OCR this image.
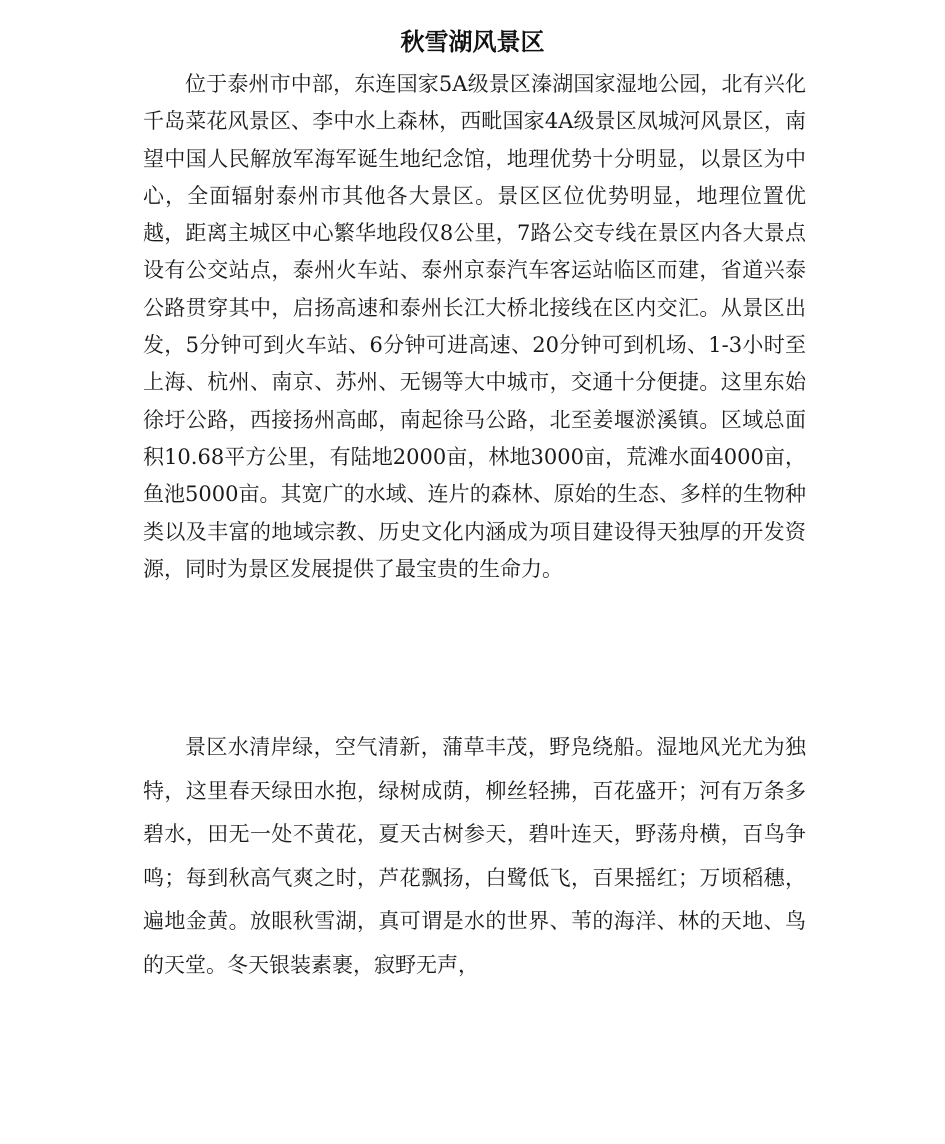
秋雪湖风景区

位于泰州市中部，东连国家5A级景区溱湖国家湿地公园，北有兴化千岛菜花风景区、李中水上森林，西毗国家4A级景区凤城河风景区，南望中国人民解放军海军诞生地纪念馆，地理优势十分明显，以景区为中心，全面辐射泰州市其他各大景区。景区区位优势明显，地理位置优越，距离主城区中心繁华地段仅8公里，7路公交专线在景区内各大景点设有公交站点，泰州火车站、泰州京泰汽车客运站临区而建，省道兴泰公路贯穿其中，启扬高速和泰州长江大桥北接线在区内交汇。从景区出发，5分钟可到火车站、6分钟可进高速、20分钟可到机场、1-3小时至上海、杭州、南京、苏州、无锡等大中城市，交通十分便捷。这里东始徐圩公路，西接扬州高邮，南起徐马公路，北至姜堰淤溪镇。区域总面积10.68平方公里，有陆地2000亩，林地3000亩，荒滩水面4000亩，鱼池5000亩。其宽广的水域、连片的森林、原始的生态、多样的生物种类以及丰富的地域宗教、历史文化内涵成为项目建设得天独厚的开发资源，同时为景区发展提供了最宝贵的生命力。

景区水清岸绿，空气清新，蒲草丰茂，野凫绕船。湿地风光尤为独特，这里春天绿田水抱，绿树成荫，柳丝轻拂，百花盛开；河有万条多碧水，田无一处不黄花，夏天古树参天，碧叶连天，野荡舟横，百鸟争鸣；每到秋高气爽之时，芦花飘扬，白鹭低飞，百果摇红；万顷稻穗，遍地金黄。放眼秋雪湖，真可谓是水的世界、苇的海洋、林的天地、鸟的天堂。冬天银装素裹，寂野无声，
